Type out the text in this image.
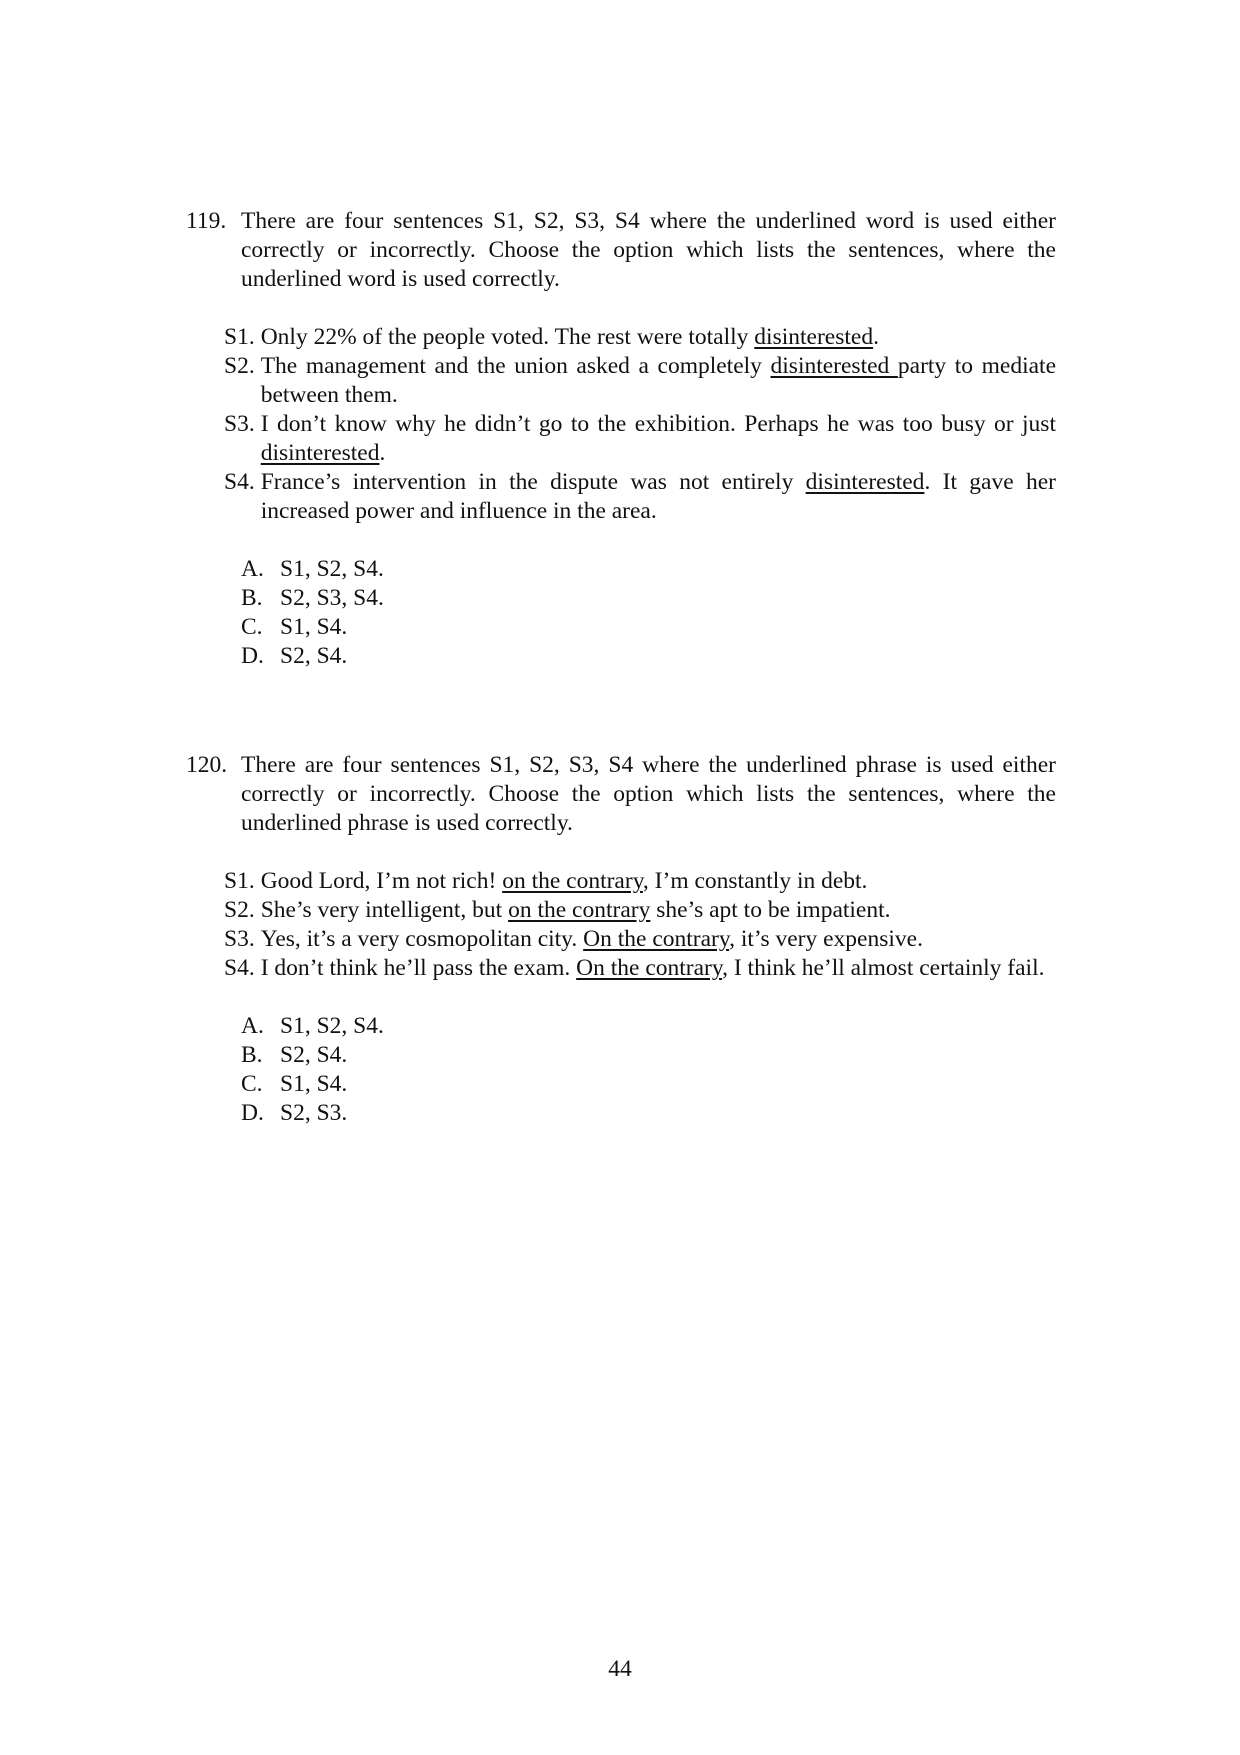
119. There are four sentences S1, S2, S3, S4 where the underlined word is used either correctly or incorrectly. Choose the option which lists the sentences, where the underlined word is used correctly.
S1. Only 22% of the people voted. The rest were totally disinterested.
S2. The management and the union asked a completely disinterested party to mediate between them.
S3. I don’t know why he didn’t go to the exhibition. Perhaps he was too busy or just disinterested.
S4. France’s intervention in the dispute was not entirely disinterested. It gave her increased power and influence in the area.
A. S1, S2, S4.
B. S2, S3, S4.
C. S1, S4.
D. S2, S4.
120. There are four sentences S1, S2, S3, S4 where the underlined phrase is used either correctly or incorrectly. Choose the option which lists the sentences, where the underlined phrase is used correctly.
S1. Good Lord, I’m not rich! on the contrary, I’m constantly in debt.
S2. She’s very intelligent, but on the contrary she’s apt to be impatient.
S3. Yes, it’s a very cosmopolitan city. On the contrary, it’s very expensive.
S4. I don’t think he’ll pass the exam. On the contrary, I think he’ll almost certainly fail.
A. S1, S2, S4.
B. S2, S4.
C. S1, S4.
D. S2, S3.
44
